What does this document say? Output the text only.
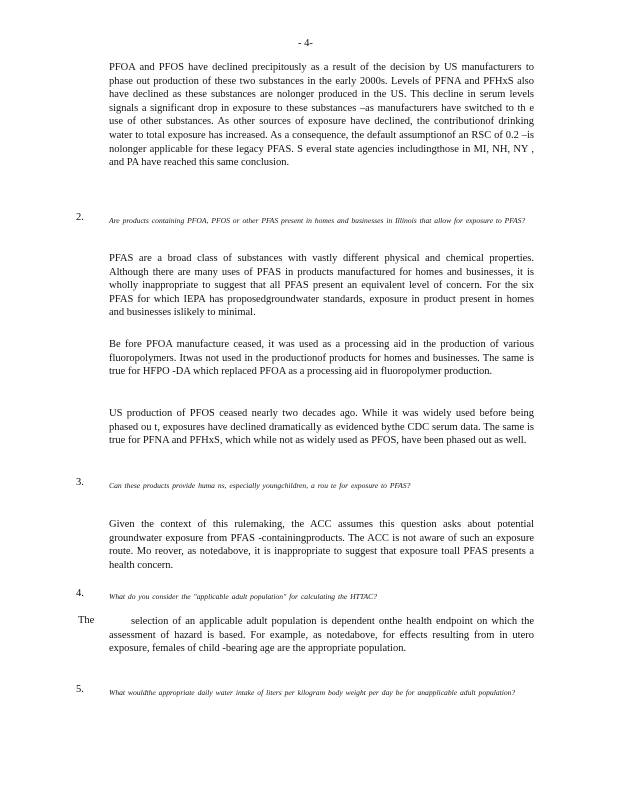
- 4-

PFOA and PFOS have declined precipitously as a result of the decision by US manufacturers to phase out production of these two substances in the early 2000s. Levels of PFNA and PFHxS also have declined as these substances are nolonger produced in the US. This decline in serum levels signals a significant drop in exposure to these substances –as manufacturers have switched to th e use of other substances. As other sources of exposure have declined, the contributionof drinking water to total exposure has increased. As a consequence, the default assumptionof an RSC of 0.2 –is nolonger applicable for these legacy PFAS. S everal state agencies includingthose in MI, NH, NY , and PA have reached this same conclusion.

2.	Are products containing PFOA, PFOS or other PFAS present in homes and businesses in Illinois that allow for exposure to PFAS?

PFAS are a broad class of substances with vastly different physical and chemical properties. Although there are many uses of PFAS in products manufactured for homes and businesses, it is wholly inappropriate to suggest that all PFAS present an equivalent level of concern. For the six PFAS for which IEPA has proposedgroundwater standards, exposure in product present in homes and businesses islikely to minimal.

Be fore PFOA manufacture ceased, it was used as a processing aid in the production of various fluoropolymers. Itwas not used in the productionof products for homes and businesses. The same is true for HFPO -DA which replaced PFOA as a processing aid in fluoropolymer production.

US production of PFOS ceased nearly two decades ago. While it was widely used before being phased ou t, exposures have declined dramatically as evidenced bythe CDC serum data. The same is true for PFNA and PFHxS, which while not as widely used as PFOS, have been phased out as well.

3.	Can these products provide huma ns, especially youngchildren, a rou te for exposure to PFAS?

Given the context of this rulemaking, the ACC assumes this question asks about potential groundwater exposure from PFAS -containingproducts. The ACC is not aware of such an exposure route. Mo reover, as notedabove, it is inappropriate to suggest that exposure toall PFAS presents a health concern.

4.	What do you consider the "applicable adult population" for calculating the HTTAC?
The	selection of an applicable adult population is dependent onthe health endpoint on which the assessment of hazard is based. For example, as notedabove, for effects resulting from in utero exposure, females of child -bearing age are the appropriate population.

5.	What wouldthe appropriate daily water intake of liters per kilogram body weight per day be for anapplicable adult population?
